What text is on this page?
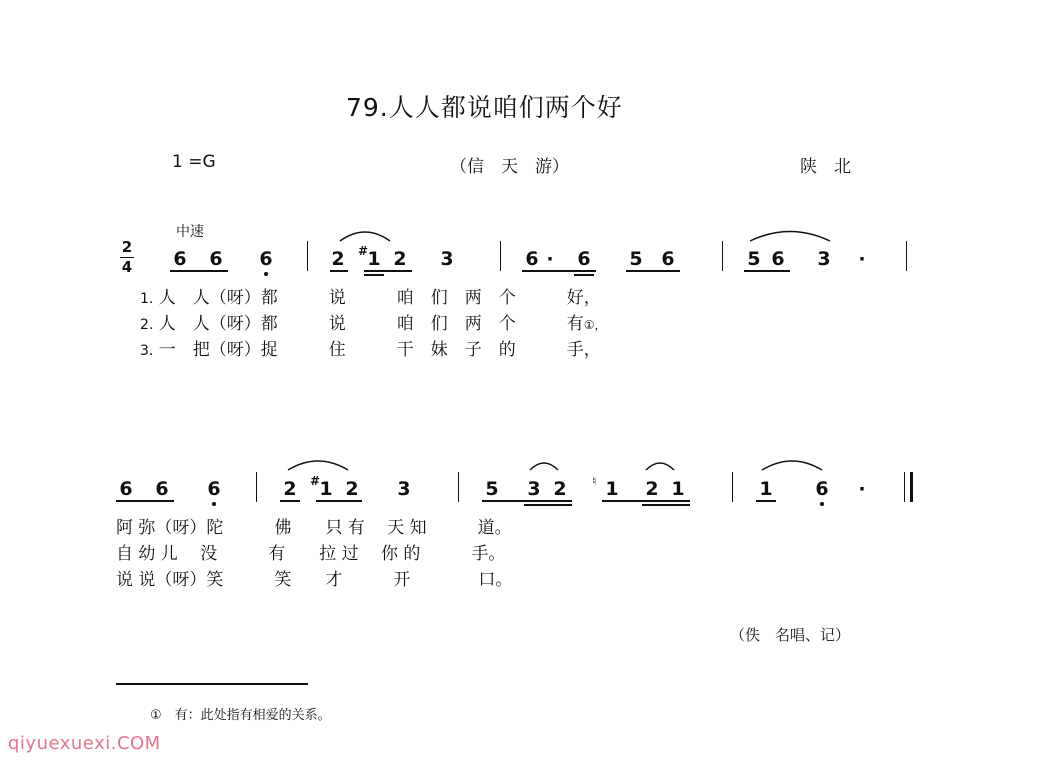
79.人人都说咱们两个好
1 =G	（信　天　游）	陕　北
中速
2
4 6 6 6	2 # 1 2 3	6 ·	6 5 6	5 6 3	·
1. 人　人（呀）都　　　说　　　咱　们　两　个　　　好，
2. 人　人（呀）都　　　说　　　咱　们　两　个　　　有①，
3. 一　把（呀）捉　　　住　　　干　妹　子　的　　　手，
6 6 6	2 # 1 2 3	5 3 2 ♮ 1 2 1	1 6	·
阿 弥（呀）陀　　　佛　　只 有　 天 知　　　道。
自 幼 儿　 没　　　有　　拉 过　 你 的　　　手。
说 说（呀）笑　　　笑　　才　　　开　　　　口。
（佚　名唱、记）
①　有：此处指有相爱的关系。
qiyuexuexi.COM
